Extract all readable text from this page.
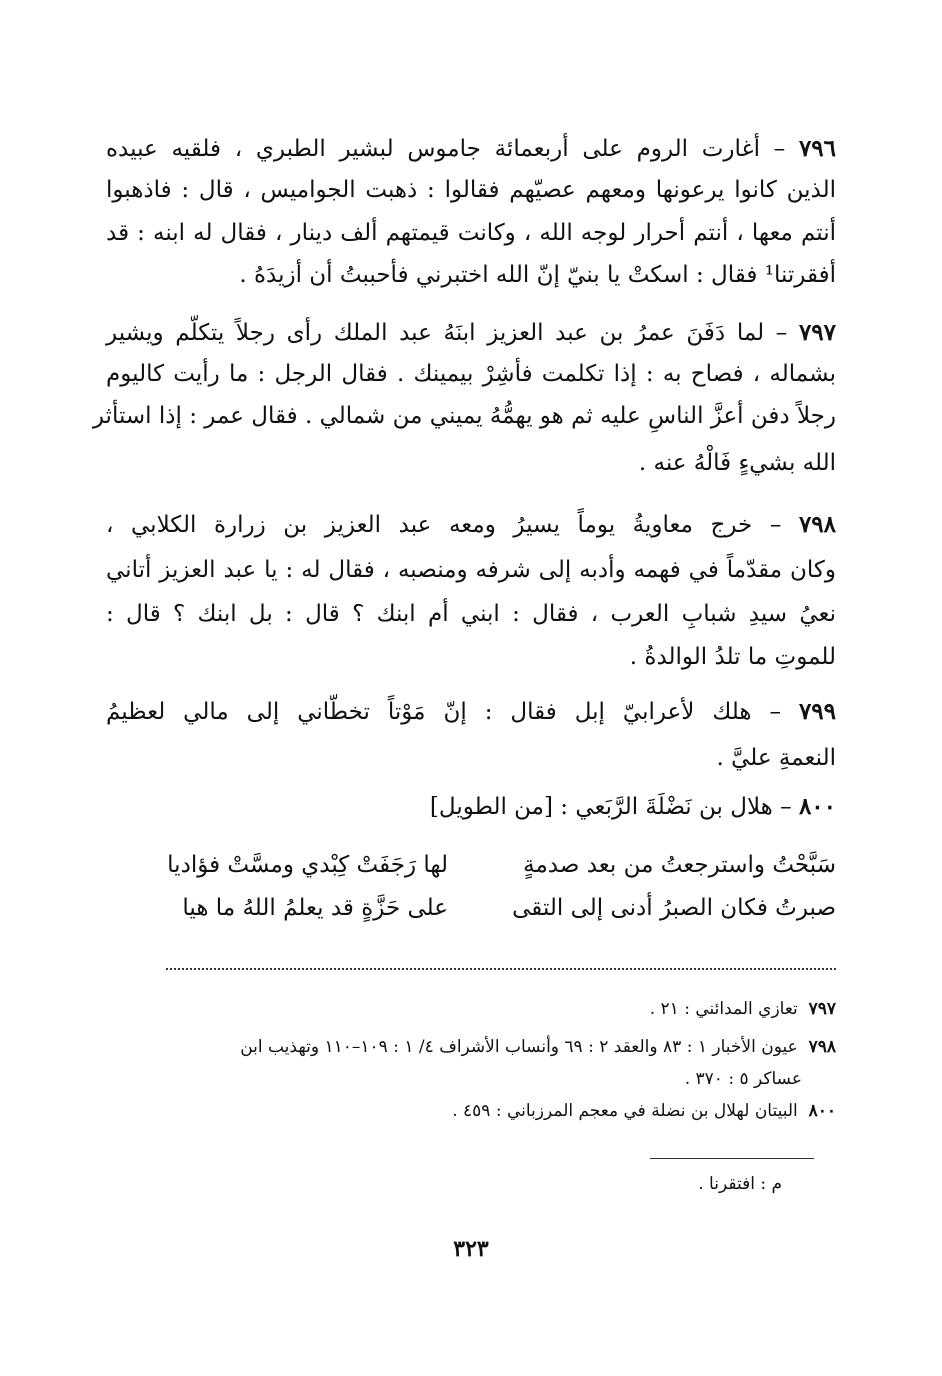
٧٩٦ – أغارت الروم على أربعمائة جاموس لبشير الطبري ، فلقيه عبيده
الذين كانوا يرعونها ومعهم عصيّهم فقالوا : ذهبت الجواميس ، قال : فاذهبوا
أنتم معها ، أنتم أحرار لوجه الله ، وكانت قيمتهم ألف دينار ، فقال له ابنه : قد
أفقرتنا¹ فقال : اسكتْ يا بنيّ إنّ الله اختبرني فأحببتُ أن أزيدَهُ .
٧٩٧ – لما دَفَنَ عمرُ بن عبد العزيز ابنَهُ عبد الملك رأى رجلاً يتكلّم ويشير
بشماله ، فصاح به : إذا تكلمت فأشِرْ بيمينك . فقال الرجل : ما رأيت كاليوم
رجلاً دفن أعزَّ الناسِ عليه ثم هو يهمُّهُ يميني من شمالي . فقال عمر : إذا استأثر
الله بشيءٍ فَالْهُ عنه .
٧٩٨ – خرج معاويةُ يوماً يسيرُ ومعه عبد العزيز بن زرارة الكلابي ،
وكان مقدّماً في فهمه وأدبه إلى شرفه ومنصبه ، فقال له : يا عبد العزيز أتاني
نعيُ سيدِ شبابِ العرب ، فقال : ابني أم ابنك ؟ قال : بل ابنك ؟ قال :
للموتِ ما تلدُ الوالدةُ .
٧٩٩ – هلك لأعرابيّ إبل فقال : إنّ مَوْتاً تخطّاني إلى مالي لعظيمُ
النعمةِ عليَّ .
٨٠٠ – هلال بن نَضْلَةَ الرَّبَعي : [من الطويل]
سَبَّحْتُ واسترجعتُ من بعد صدمةٍ
لها رَجَفَتْ كِبْدي ومسَّتْ فؤاديا
صبرتُ فكان الصبرُ أدنى إلى التقى
على حَزَّةٍ قد يعلمُ اللهُ ما هيا
٧٩٧  تعازي المدائني : ٢١ .
٧٩٨  عيون الأخبار ١ : ٨٣ والعقد ٢ : ٦٩ وأنساب الأشراف ٤/ ١ : ١٠٩–١١٠ وتهذيب ابن
عساكر ٥ : ٣٧٠ .
٨٠٠  البيتان لهلال بن نضلة في معجم المرزباني : ٤٥٩ .
م : افتقرنا .
٣٢٣
